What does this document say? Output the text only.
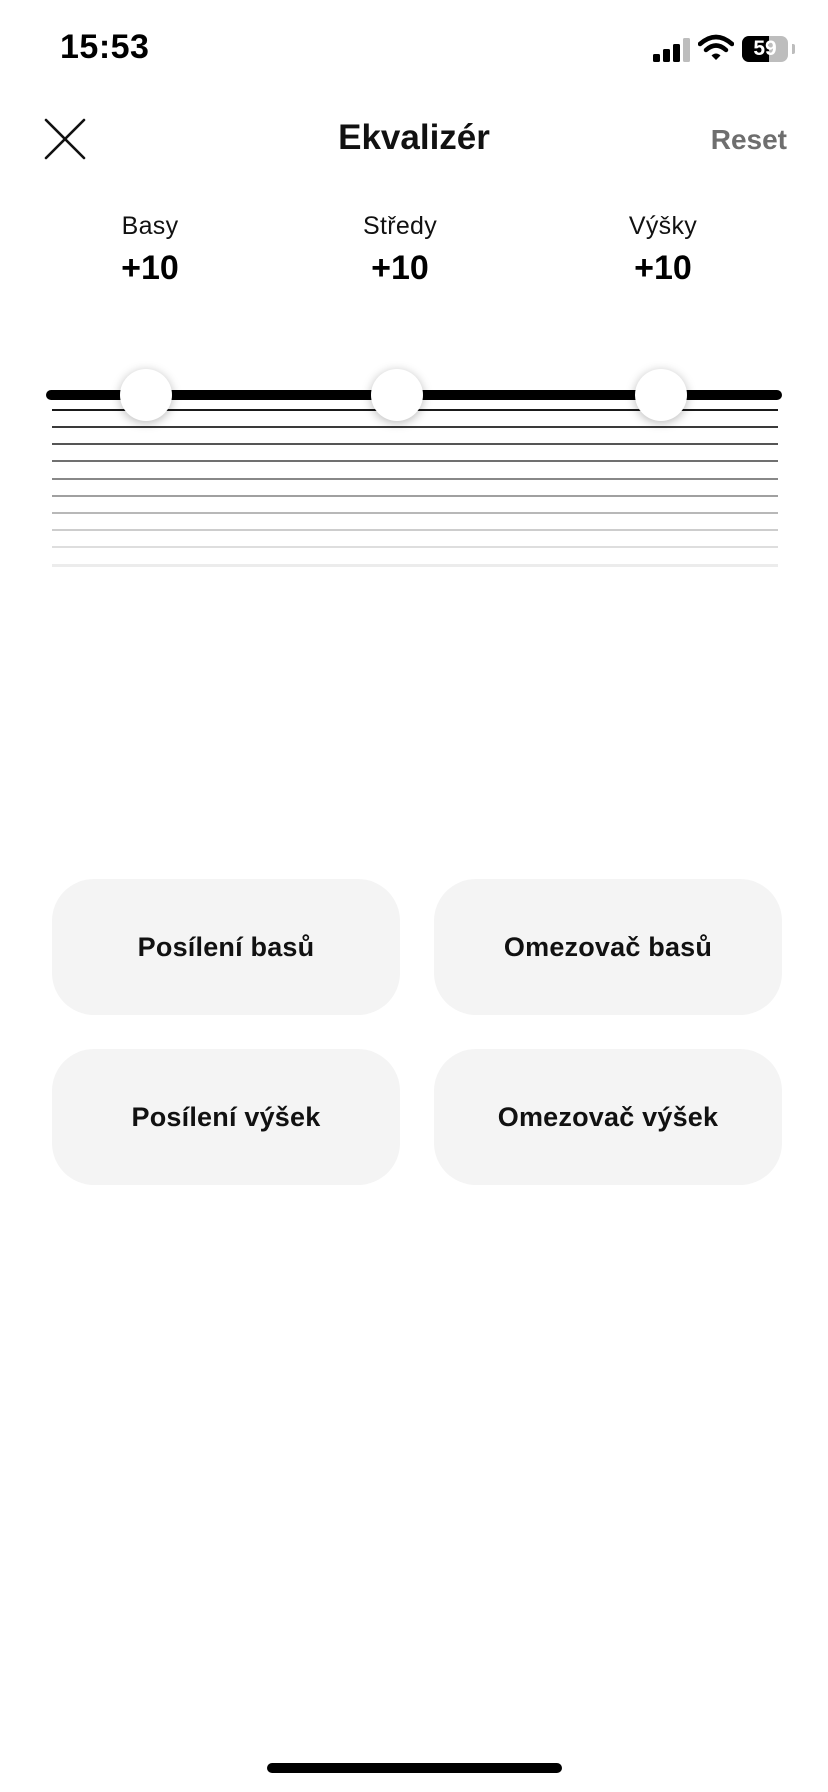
15:53	59
Ekvalizér	Reset
Basy
+10
Středy
+10
Výšky
+10
Posílení basů	Omezovač basů
Posílení výšek	Omezovač výšek
